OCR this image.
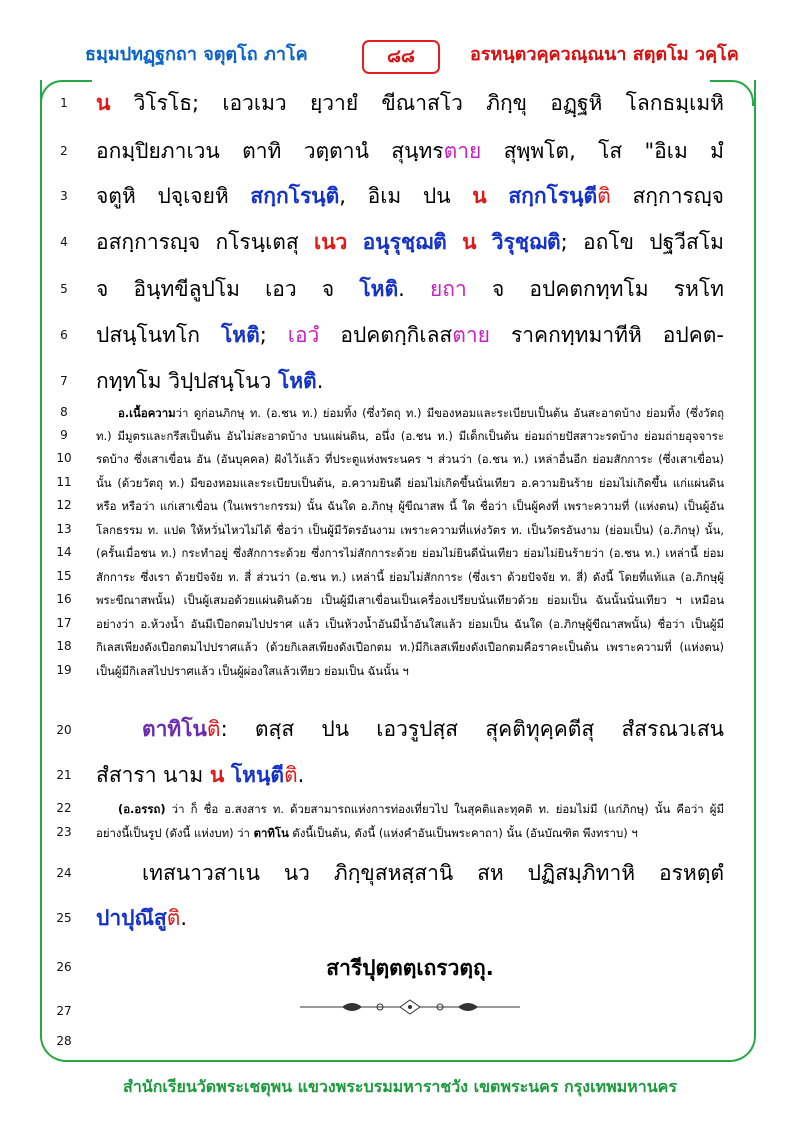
ธมฺมปทฏฺฐกถา จตุตฺโถ ภาโค	๘๘	อรหนฺตวคฺควณฺณนา สตฺตโม วคฺโค
1
2
3
4
5
6
7
8
9
10
11
12
13
14
15
16
17
18
19
20
21
22
23
24
25
26
27
28
น วิโรโธ; เอวเมว ยฺวายํ ขีณาสโว ภิกฺขุ อฏฺฐหิ โลกธมฺเมหิ
อกมฺปิยภาเวน ตาทิ วตฺตานํ สุนฺทรตาย สุพฺพโต, โส "อิเม มํ
จตูหิ ปจฺเจยหิ สกฺกโรนฺติ, อิเม ปน น สกฺกโรนฺตีติ สกฺการญฺจ
อสกฺการญฺจ กโรนฺเตสุ เนว อนุรุชฺฌติ น วิรุชฺฌติ; อถโข ปฐวีสโม
จ อินฺทขีลูปโม เอว จ โหติ. ยถา จ อปคตกทฺทโม รหโท
ปสนฺโนทโก โหติ; เอวํ อปคตกฺกิเลสตาย ราคกทฺทมาทีหิ อปคต-
กทฺทโม วิปฺปสนฺโนว โหติ.
อ.เนื้อความว่า ดูก่อนภิกษุ ท. (อ.ชน ท.) ย่อมทิ้ง (ซึ่งวัตถุ ท.) มีของหอมและระเบียบเป็นต้น อันสะอาดบ้าง ย่อมทิ้ง (ซึ่งวัตถุ
ท.) มีมูตรและกรีสเป็นต้น อันไม่สะอาดบ้าง บนแผ่นดิน, อนึ่ง (อ.ชน ท.) มีเด็กเป็นต้น ย่อมถ่ายปัสสาวะรดบ้าง ย่อมถ่ายอุจจาระ
รดบ้าง ซึ่งเสาเขื่อน อัน (อันบุคคล) ฝังไว้แล้ว ที่ประตูแห่งพระนคร ฯ ส่วนว่า (อ.ชน ท.) เหล่าอื่นอีก ย่อมสักการะ (ซึ่งเสาเขื่อน)
นั้น (ด้วยวัตถุ ท.) มีของหอมและระเบียบเป็นต้น, อ.ความยินดี ย่อมไม่เกิดขึ้นนั่นเทียว อ.ความยินร้าย ย่อมไม่เกิดขึ้น แก่แผ่นดิน
หรือ หรือว่า แก่เสาเขื่อน (ในเพราะกรรม) นั้น ฉันใด อ.ภิกษุ ผู้ขีณาสพ นี้ ใด ชื่อว่า เป็นผู้คงที่ เพราะความที่ (แห่งตน) เป็นผู้อัน
โลกธรรม ท. แปด ให้หวั่นไหวไม่ได้ ชื่อว่า เป็นผู้มีวัตรอันงาม เพราะความที่แห่งวัตร ท. เป็นวัตรอันงาม (ย่อมเป็น) (อ.ภิกษุ) นั้น,
(ครั้นเมื่อชน ท.) กระทำอยู่ ซึ่งสักการะด้วย ซึ่งการไม่สักการะด้วย ย่อมไม่ยินดีนั่นเทียว ย่อมไม่ยินร้ายว่า (อ.ชน ท.) เหล่านี้ ย่อม
สักการะ ซึ่งเรา ด้วยปัจจัย ท. สี่ ส่วนว่า (อ.ชน ท.) เหล่านี้ ย่อมไม่สักการะ (ซึ่งเรา ด้วยปัจจัย ท. สี่) ดังนี้ โดยที่แท้แล (อ.ภิกษุผู้
พระขีณาสพนั้น) เป็นผู้เสมอด้วยแผ่นดินด้วย เป็นผู้มีเสาเขื่อนเป็นเครื่องเปรียบนั่นเทียวด้วย ย่อมเป็น ฉันนั้นนั่นเทียว ฯ เหมือน
อย่างว่า อ.ห้วงน้ำ อันมีเปือกตมไปปราศ แล้ว เป็นห้วงน้ำอันมีน้ำอันใสแล้ว ย่อมเป็น ฉันใด (อ.ภิกษุผู้ขีณาสพนั้น) ชื่อว่า เป็นผู้มี
กิเลสเพียงดังเปือกตมไปปราศแล้ว (ด้วยกิเลสเพียงดังเปือกตม ท.)มีกิเลสเพียงดังเปือกตมคือราคะเป็นต้น เพราะความที่ (แห่งตน)
เป็นผู้มีกิเลสไปปราศแล้ว เป็นผู้ผ่องใสแล้วเทียว ย่อมเป็น ฉันนั้น ฯ
ตาทิโนติ: ตสฺส ปน เอวรูปสฺส สุคติทุคฺคตีสุ สํสรณวเสน
สํสารา นาม น โหนฺตีติ.
(อ.อรรถ) ว่า ก็ ชื่อ อ.สงสาร ท. ด้วยสามารถแห่งการท่องเที่ยวไป ในสุคติและทุคติ ท. ย่อมไม่มี (แก่ภิกษุ) นั้น คือว่า ผู้มี
อย่างนี้เป็นรูป (ดังนี้ แห่งบท) ว่า ตาทิโน ดังนี้เป็นต้น, ดังนี้ (แห่งคำอันเป็นพระคาถา) นั้น (อันบัณฑิต พึงทราบ) ฯ
เทสนาวสาเน นว ภิกฺขุสหสฺสานิ สห ปฏิสมฺภิทาหิ อรหตฺตํ
ปาปุณึสูติ.
สารีปุตฺตตฺเถรวตฺถุ.
สำนักเรียนวัดพระเชตุพน แขวงพระบรมมหาราชวัง เขตพระนคร กรุงเทพมหานคร
